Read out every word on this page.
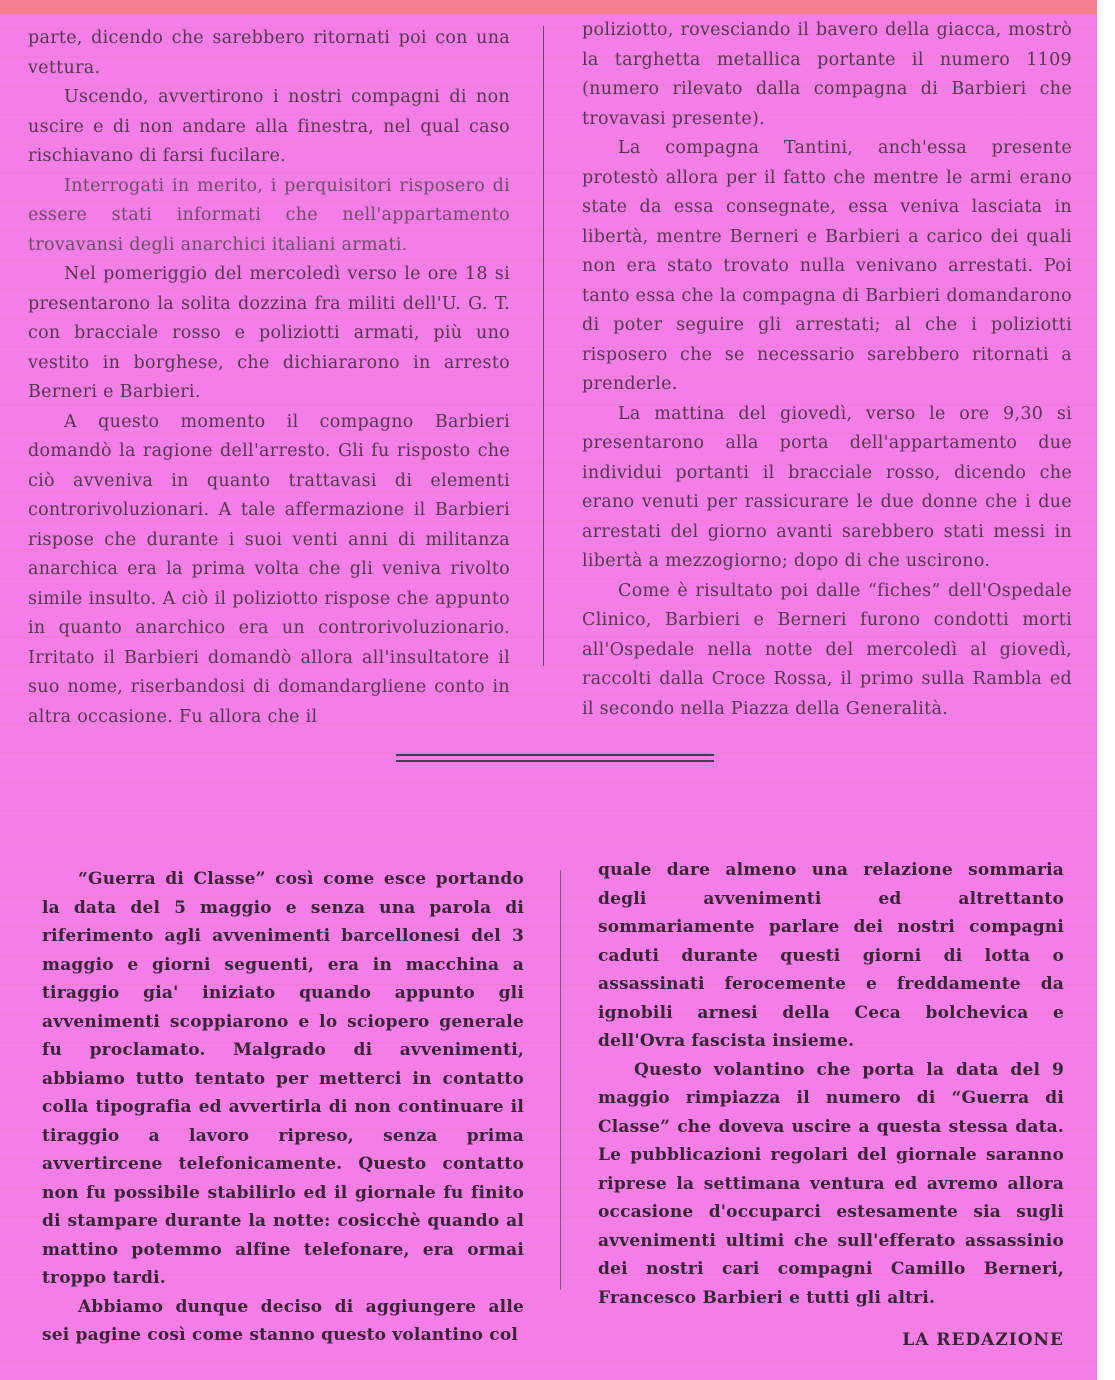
parte, dicendo che sarebbero ritornati poi con una vettura.

Uscendo, avvertirono i nostri compagni di non uscire e di non andare alla finestra, nel qual caso rischiavano di farsi fucilare.

Interrogati in merito, i perquisitori risposero di essere stati informati che nell'appartamento trovavansi degli anarchici italiani armati.

Nel pomeriggio del mercoledì verso le ore 18 si presentarono la solita dozzina fra militi dell'U. G. T. con bracciale rosso e poliziotti armati, più uno vestito in borghese, che dichiararono in arresto Berneri e Barbieri.

A questo momento il compagno Barbieri domandò la ragione dell'arresto. Gli fu risposto che ciò avveniva in quanto trattavasi di elementi controrivoluzionari. A tale affermazione il Barbieri rispose che durante i suoi venti anni di militanza anarchica era la prima volta che gli veniva rivolto simile insulto. A ciò il poliziotto rispose che appunto in quanto anarchico era un controrivoluzionario. Irritato il Barbieri domandò allora all'insultatore il suo nome, riserbandosi di domandargliene conto in altra occasione. Fu allora che il

poliziotto, rovesciando il bavero della giacca, mostrò la targhetta metallica portante il numero 1109 (numero rilevato dalla compagna di Barbieri che trovavasi presente).

La compagna Tantini, anch'essa presente protestò allora per il fatto che mentre le armi erano state da essa consegnate, essa veniva lasciata in libertà, mentre Berneri e Barbieri a carico dei quali non era stato trovato nulla venivano arrestati. Poi tanto essa che la compagna di Barbieri domandarono di poter seguire gli arrestati; al che i poliziotti risposero che se necessario sarebbero ritornati a prenderle.

La mattina del giovedì, verso le ore 9,30 si presentarono alla porta dell'appartamento due individui portanti il bracciale rosso, dicendo che erano venuti per rassicurare le due donne che i due arrestati del giorno avanti sarebbero stati messi in libertà a mezzogiorno; dopo di che uscirono.

Come è risultato poi dalle “fiches” dell'Ospedale Clinico, Barbieri e Berneri furono condotti morti all'Ospedale nella notte del mercoledì al giovedì, raccolti dalla Croce Rossa, il primo sulla Rambla ed il secondo nella Piazza della Generalità.

“Guerra di Classe” così come esce portando la data del 5 maggio e senza una parola di riferimento agli avvenimenti barcellonesi del 3 maggio e giorni seguenti, era in macchina a tiraggio gia' iniziato quando appunto gli avvenimenti scoppiarono e lo sciopero generale fu proclamato. Malgrado di avvenimenti, abbiamo tutto tentato per metterci in contatto colla tipografia ed avvertirla di non continuare il tiraggio a lavoro ripreso, senza prima avvertircene telefonicamente. Questo contatto non fu possibile stabilirlo ed il giornale fu finito di stampare durante la notte: cosicchè quando al mattino potemmo alfine telefonare, era ormai troppo tardi.

Abbiamo dunque deciso di aggiungere alle sei pagine così come stanno questo volantino col

quale dare almeno una relazione sommaria degli avvenimenti ed altrettanto sommariamente parlare dei nostri compagni caduti durante questi giorni di lotta o assassinati ferocemente e freddamente da ignobili arnesi della Ceca bolchevica e dell'Ovra fascista insieme.

Questo volantino che porta la data del 9 maggio rimpiazza il numero di “Guerra di Classe” che doveva uscire a questa stessa data. Le pubblicazioni regolari del giornale saranno riprese la settimana ventura ed avremo allora occasione d'occuparci estesamente sia sugli avvenimenti ultimi che sull'efferato assassinio dei nostri cari compagni Camillo Berneri, Francesco Barbieri e tutti gli altri.

LA REDAZIONE
